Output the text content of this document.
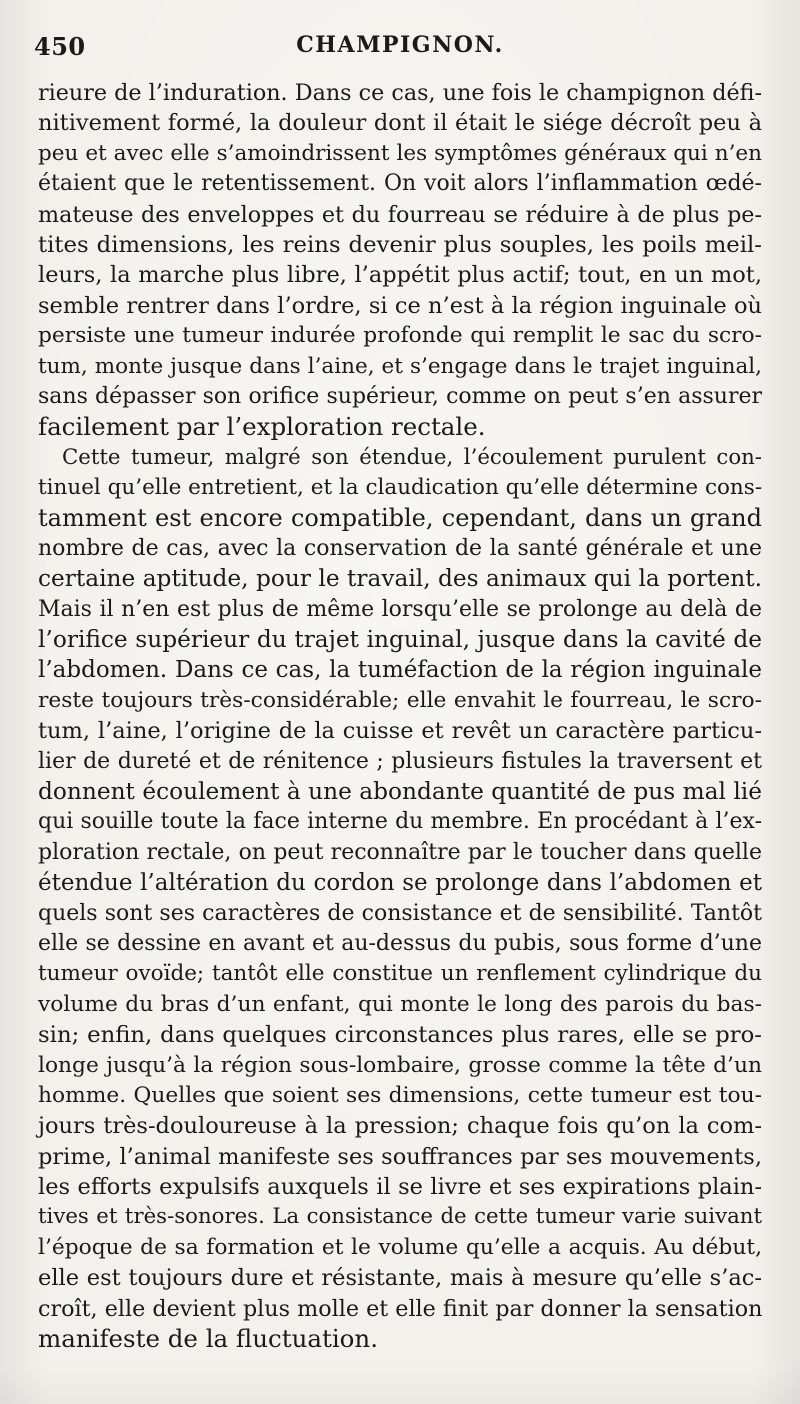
450	CHAMPIGNON.
rieure de l’induration. Dans ce cas, une fois le champignon défi-
nitivement formé, la douleur dont il était le siége décroît peu à
peu et avec elle s’amoindrissent les symptômes généraux qui n’en
étaient que le retentissement. On voit alors l’inflammation œdé-
mateuse des enveloppes et du fourreau se réduire à de plus pe-
tites dimensions, les reins devenir plus souples, les poils meil-
leurs, la marche plus libre, l’appétit plus actif; tout, en un mot,
semble rentrer dans l’ordre, si ce n’est à la région inguinale où
persiste une tumeur indurée profonde qui remplit le sac du scro-
tum, monte jusque dans l’aine, et s’engage dans le trajet inguinal,
sans dépasser son orifice supérieur, comme on peut s’en assurer
facilement par l’exploration rectale.
Cette tumeur, malgré son étendue, l’écoulement purulent con-
tinuel qu’elle entretient, et la claudication qu’elle détermine cons-
tamment est encore compatible, cependant, dans un grand
nombre de cas, avec la conservation de la santé générale et une
certaine aptitude, pour le travail, des animaux qui la portent.
Mais il n’en est plus de même lorsqu’elle se prolonge au delà de
l’orifice supérieur du trajet inguinal, jusque dans la cavité de
l’abdomen. Dans ce cas, la tuméfaction de la région inguinale
reste toujours très-considérable; elle envahit le fourreau, le scro-
tum, l’aine, l’origine de la cuisse et revêt un caractère particu-
lier de dureté et de rénitence ; plusieurs fistules la traversent et
donnent écoulement à une abondante quantité de pus mal lié
qui souille toute la face interne du membre. En procédant à l’ex-
ploration rectale, on peut reconnaître par le toucher dans quelle
étendue l’altération du cordon se prolonge dans l’abdomen et
quels sont ses caractères de consistance et de sensibilité. Tantôt
elle se dessine en avant et au-dessus du pubis, sous forme d’une
tumeur ovoïde; tantôt elle constitue un renflement cylindrique du
volume du bras d’un enfant, qui monte le long des parois du bas-
sin; enfin, dans quelques circonstances plus rares, elle se pro-
longe jusqu’à la région sous-lombaire, grosse comme la tête d’un
homme. Quelles que soient ses dimensions, cette tumeur est tou-
jours très-douloureuse à la pression; chaque fois qu’on la com-
prime, l’animal manifeste ses souffrances par ses mouvements,
les efforts expulsifs auxquels il se livre et ses expirations plain-
tives et très-sonores. La consistance de cette tumeur varie suivant
l’époque de sa formation et le volume qu’elle a acquis. Au début,
elle est toujours dure et résistante, mais à mesure qu’elle s’ac-
croît, elle devient plus molle et elle finit par donner la sensation
manifeste de la fluctuation.
